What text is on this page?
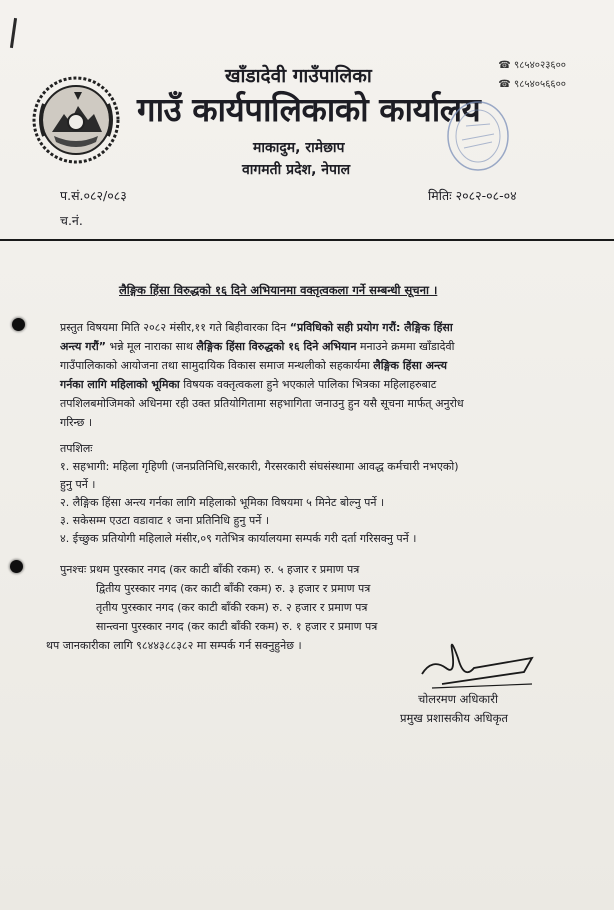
☎ ९८५४०२३६००
☎ ९८५४०५६६००
खाँडादेवी गाउँपालिका
गाउँ कार्यपालिकाको कार्यालय
माकादुम, रामेछाप
वागमती प्रदेश, नेपाल
प.सं.०८२/०८३	मितिः २०८२-०८-०४
च.नं.
लैङ्गिक हिंसा विरुद्धको १६ दिने अभियानमा वक्तृत्वकला गर्ने सम्बन्धी सूचना ।
प्रस्तुत विषयमा मिति २०८२ मंसीर,११ गते बिहीवारका दिन “प्रविधिको सही प्रयोग गरौं: लैङ्गिक हिंसा
अन्त्य गरौं” भन्ने मूल नाराका साथ लैङ्गिक हिंसा विरुद्धको १६ दिने अभियान मनाउने क्रममा खाँडादेवी
गाउँपालिकाको आयोजना तथा सामुदायिक विकास समाज मन्थलीको सहकार्यमा लैङ्गिक हिंसा अन्त्य
गर्नका लागि महिलाको भूमिका विषयक वक्तृत्वकला हुने भएकाले पालिका भित्रका महिलाहरुबाट
तपशिलबमोजिमको अधिनमा रही उक्त प्रतियोगितामा सहभागिता जनाउनु हुन यसै सूचना मार्फत् अनुरोध
गरिन्छ ।
तपशिलः
१. सहभागी: महिला गृहिणी (जनप्रतिनिधि,सरकारी, गैरसरकारी संघसंस्थामा आवद्ध कर्मचारी नभएको)
हुनु पर्ने ।
२. लैङ्गिक हिंसा अन्त्य गर्नका लागि महिलाको भूमिका विषयमा ५ मिनेट बोल्नु पर्ने ।
३. सकेसम्म एउटा वडावाट १ जना प्रतिनिधि हुनु पर्ने ।
४. ईच्छुक प्रतियोगी महिलाले मंसीर,०९ गतेभित्र कार्यालयमा सम्पर्क गरी दर्ता गरिसक्नु पर्ने ।
पुनश्चः प्रथम पुरस्कार नगद (कर काटी बाँकी रकम) रु. ५ हजार र प्रमाण पत्र
द्वितीय पुरस्कार नगद (कर काटी बाँकी रकम) रु. ३ हजार र प्रमाण पत्र
तृतीय पुरस्कार नगद (कर काटी बाँकी रकम) रु. २ हजार र प्रमाण पत्र
सान्त्वना पुरस्कार नगद (कर काटी बाँकी रकम) रु. १ हजार र प्रमाण पत्र
थप जानकारीका लागि ९८४४३८८३८२ मा सम्पर्क गर्न सक्नुहुनेछ ।
चोलरमण अधिकारी
प्रमुख प्रशासकीय अधिकृत
